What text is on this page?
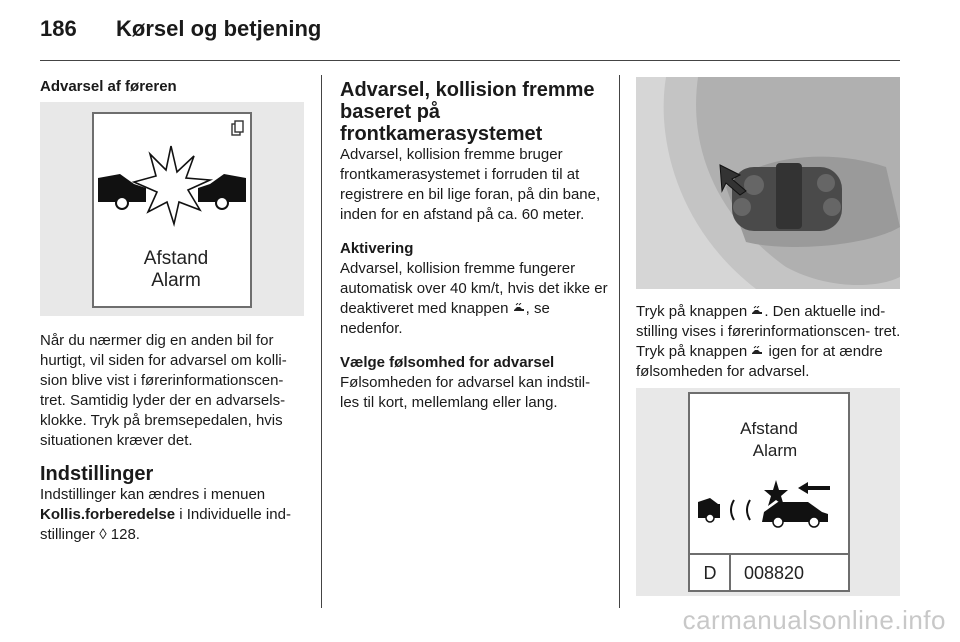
186 Kørsel og betjening

Advarsel af føreren

Afstand
Alarm

Når du nærmer dig en anden bil for hurtigt, vil siden for advarsel om kolli- sion blive vist i førerinformationscen- tret. Samtidig lyder der en advarsels- klokke. Tryk på bremsepedalen, hvis situationen kræver det.

Indstillinger

Indstillinger kan ændres i menuen Kollis.forberedelse i Individuelle ind- stillinger ◊ 128.

Advarsel, kollision fremme

baseret på

frontkamerasystemet

Advarsel, kollision fremme bruger frontkamerasystemet i forruden til at registrere en bil lige foran, på din bane, inden for en afstand på ca. 60 meter.

Aktivering

Advarsel, kollision fremme fungerer automatisk over 40 km/t, hvis det ikke er deaktiveret med knappen , se nedenfor.

Vælge følsomhed for advarsel

Følsomheden for advarsel kan indstil- les til kort, mellemlang eller lang.

Tryk på knappen . Den aktuelle ind- stilling vises i førerinformationscen- tret. Tryk på knappen  igen for at ændre følsomheden for advarsel.

Afstand
Alarm
D 008820
carmanualsonline.info
